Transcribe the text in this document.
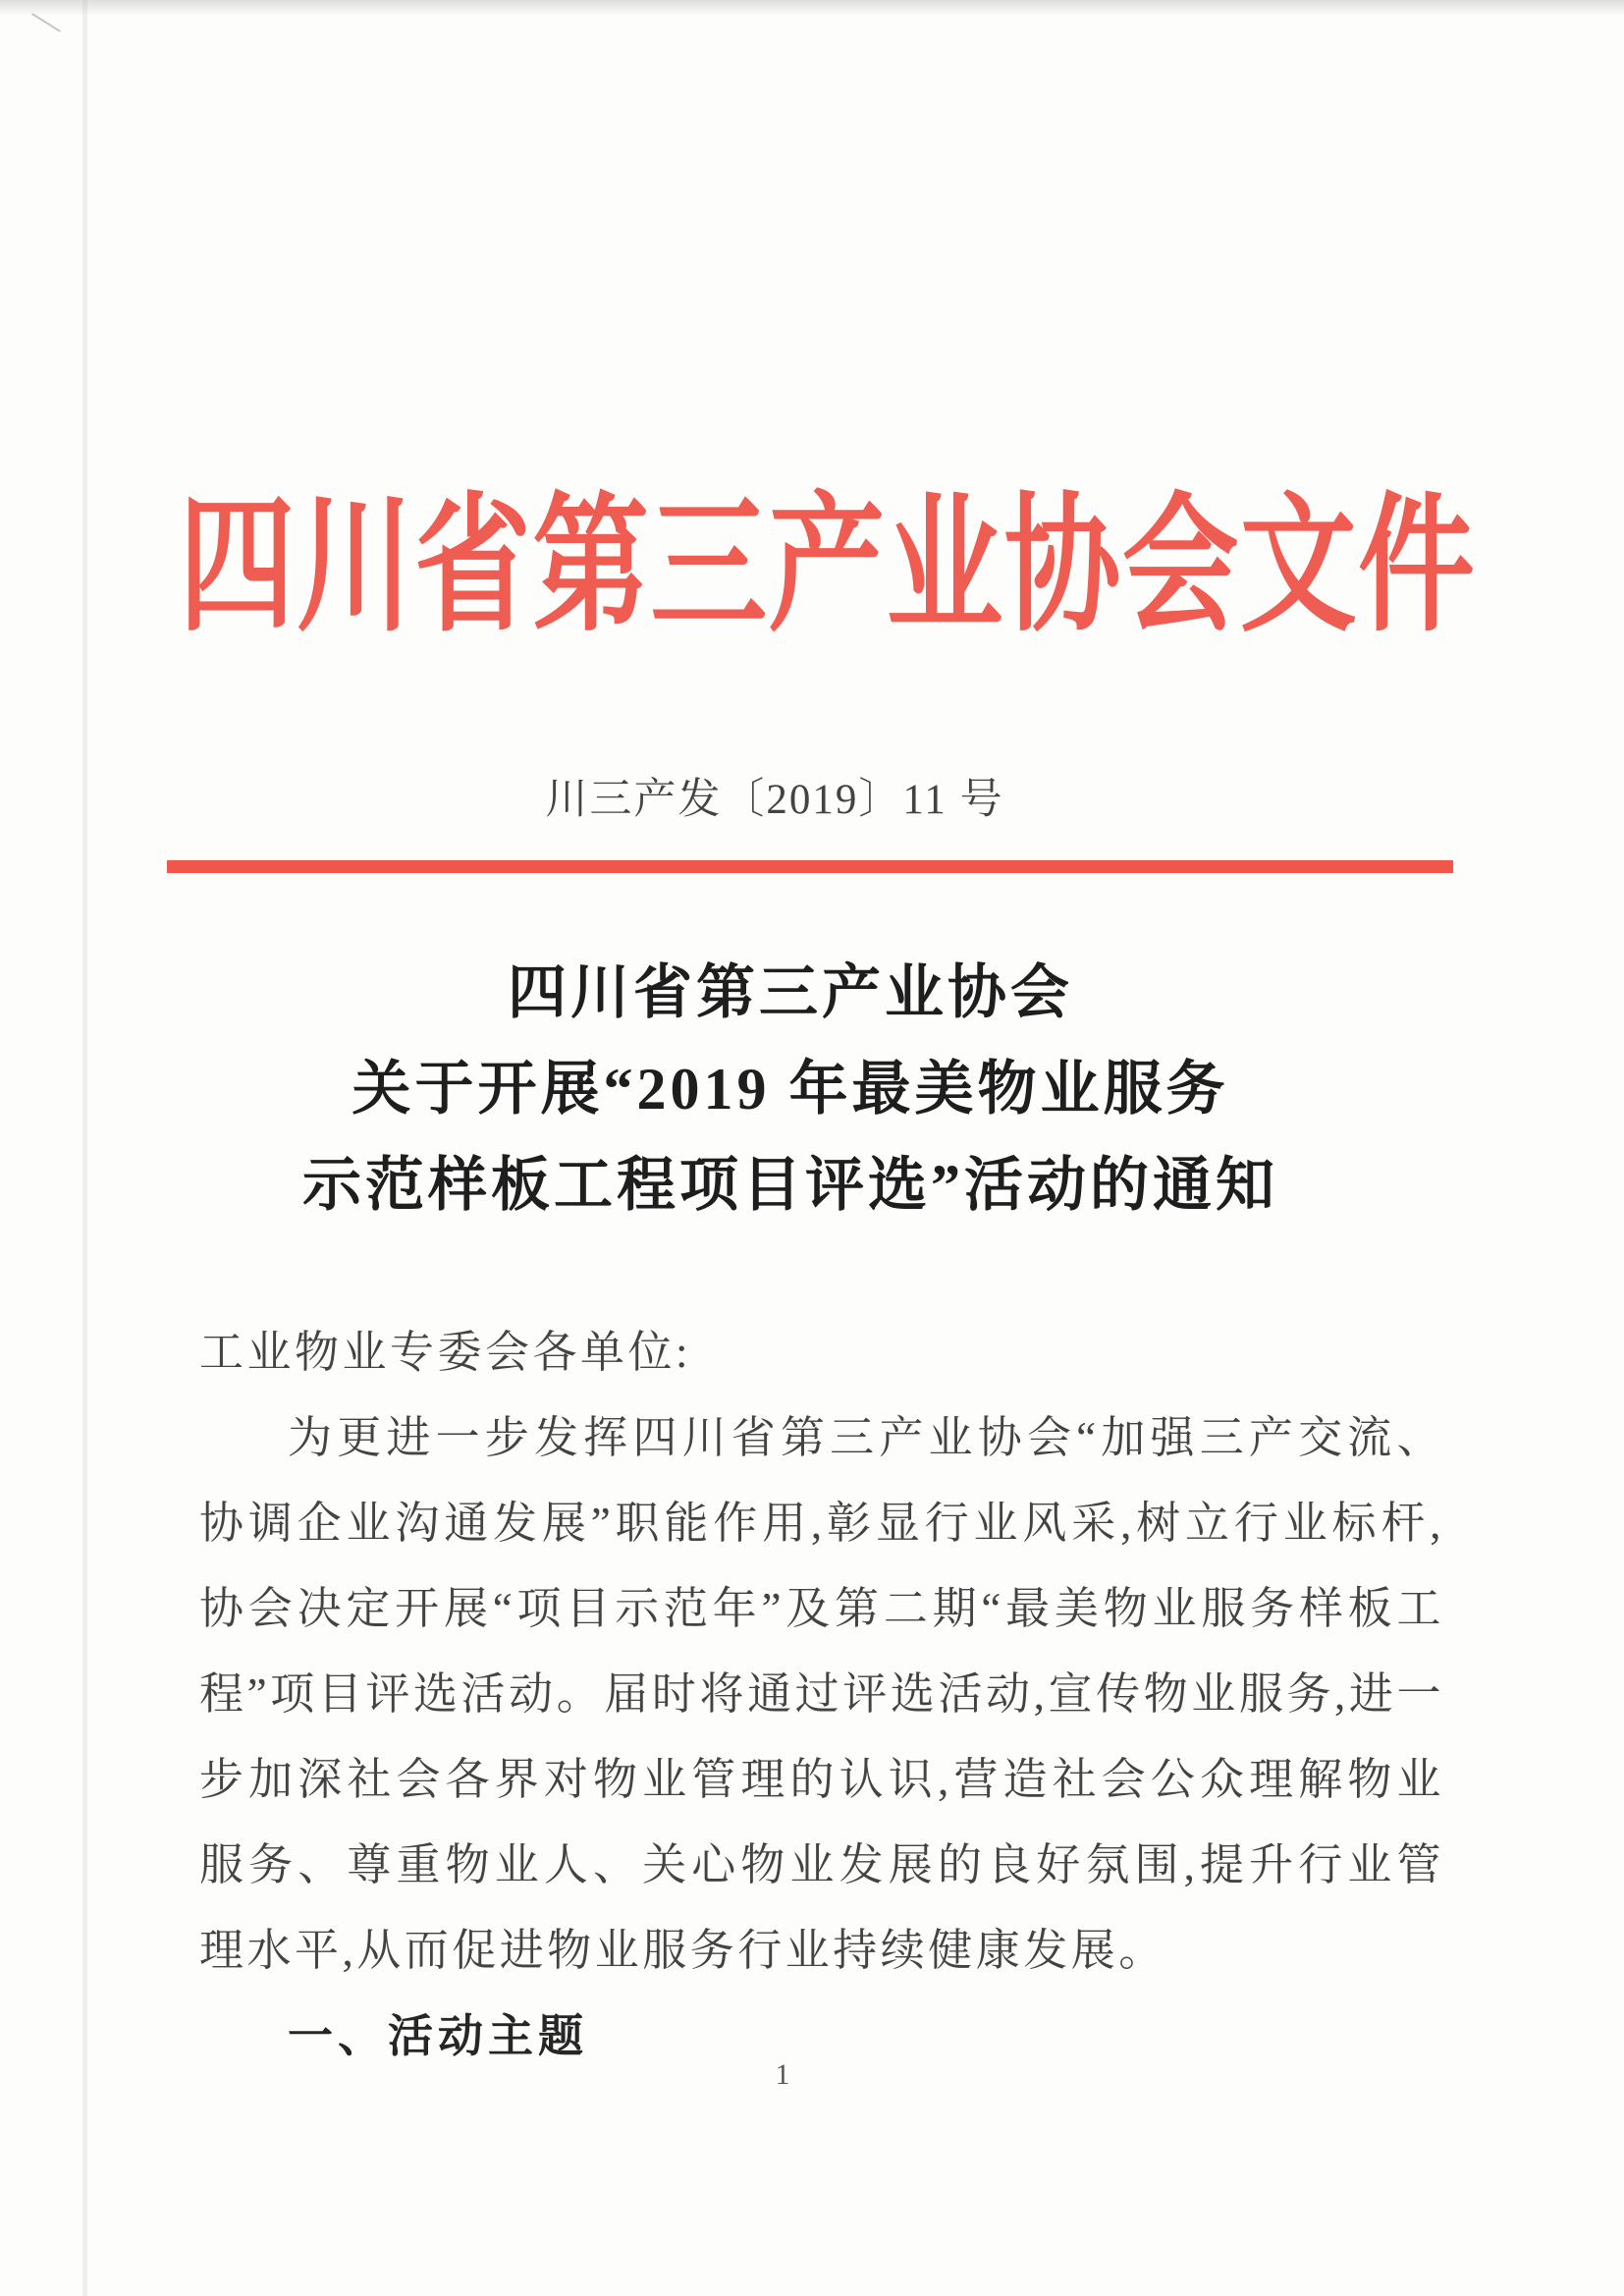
四川省第三产业协会文件
川三产发〔2019〕11 号
四川省第三产业协会
关于开展“2019 年最美物业服务
示范样板工程项目评选”活动的通知
工业物业专委会各单位:

为更进一步发挥四川省第三产业协会“加强三产交流、协调企业沟通发展”职能作用,彰显行业风采,树立行业标杆,协会决定开展“项目示范年”及第二期“最美物业服务样板工程”项目评选活动。届时将通过评选活动,宣传物业服务,进一步加深社会各界对物业管理的认识,营造社会公众理解物业服务、尊重物业人、关心物业发展的良好氛围,提升行业管理水平,从而促进物业服务行业持续健康发展。

一、活动主题
1
